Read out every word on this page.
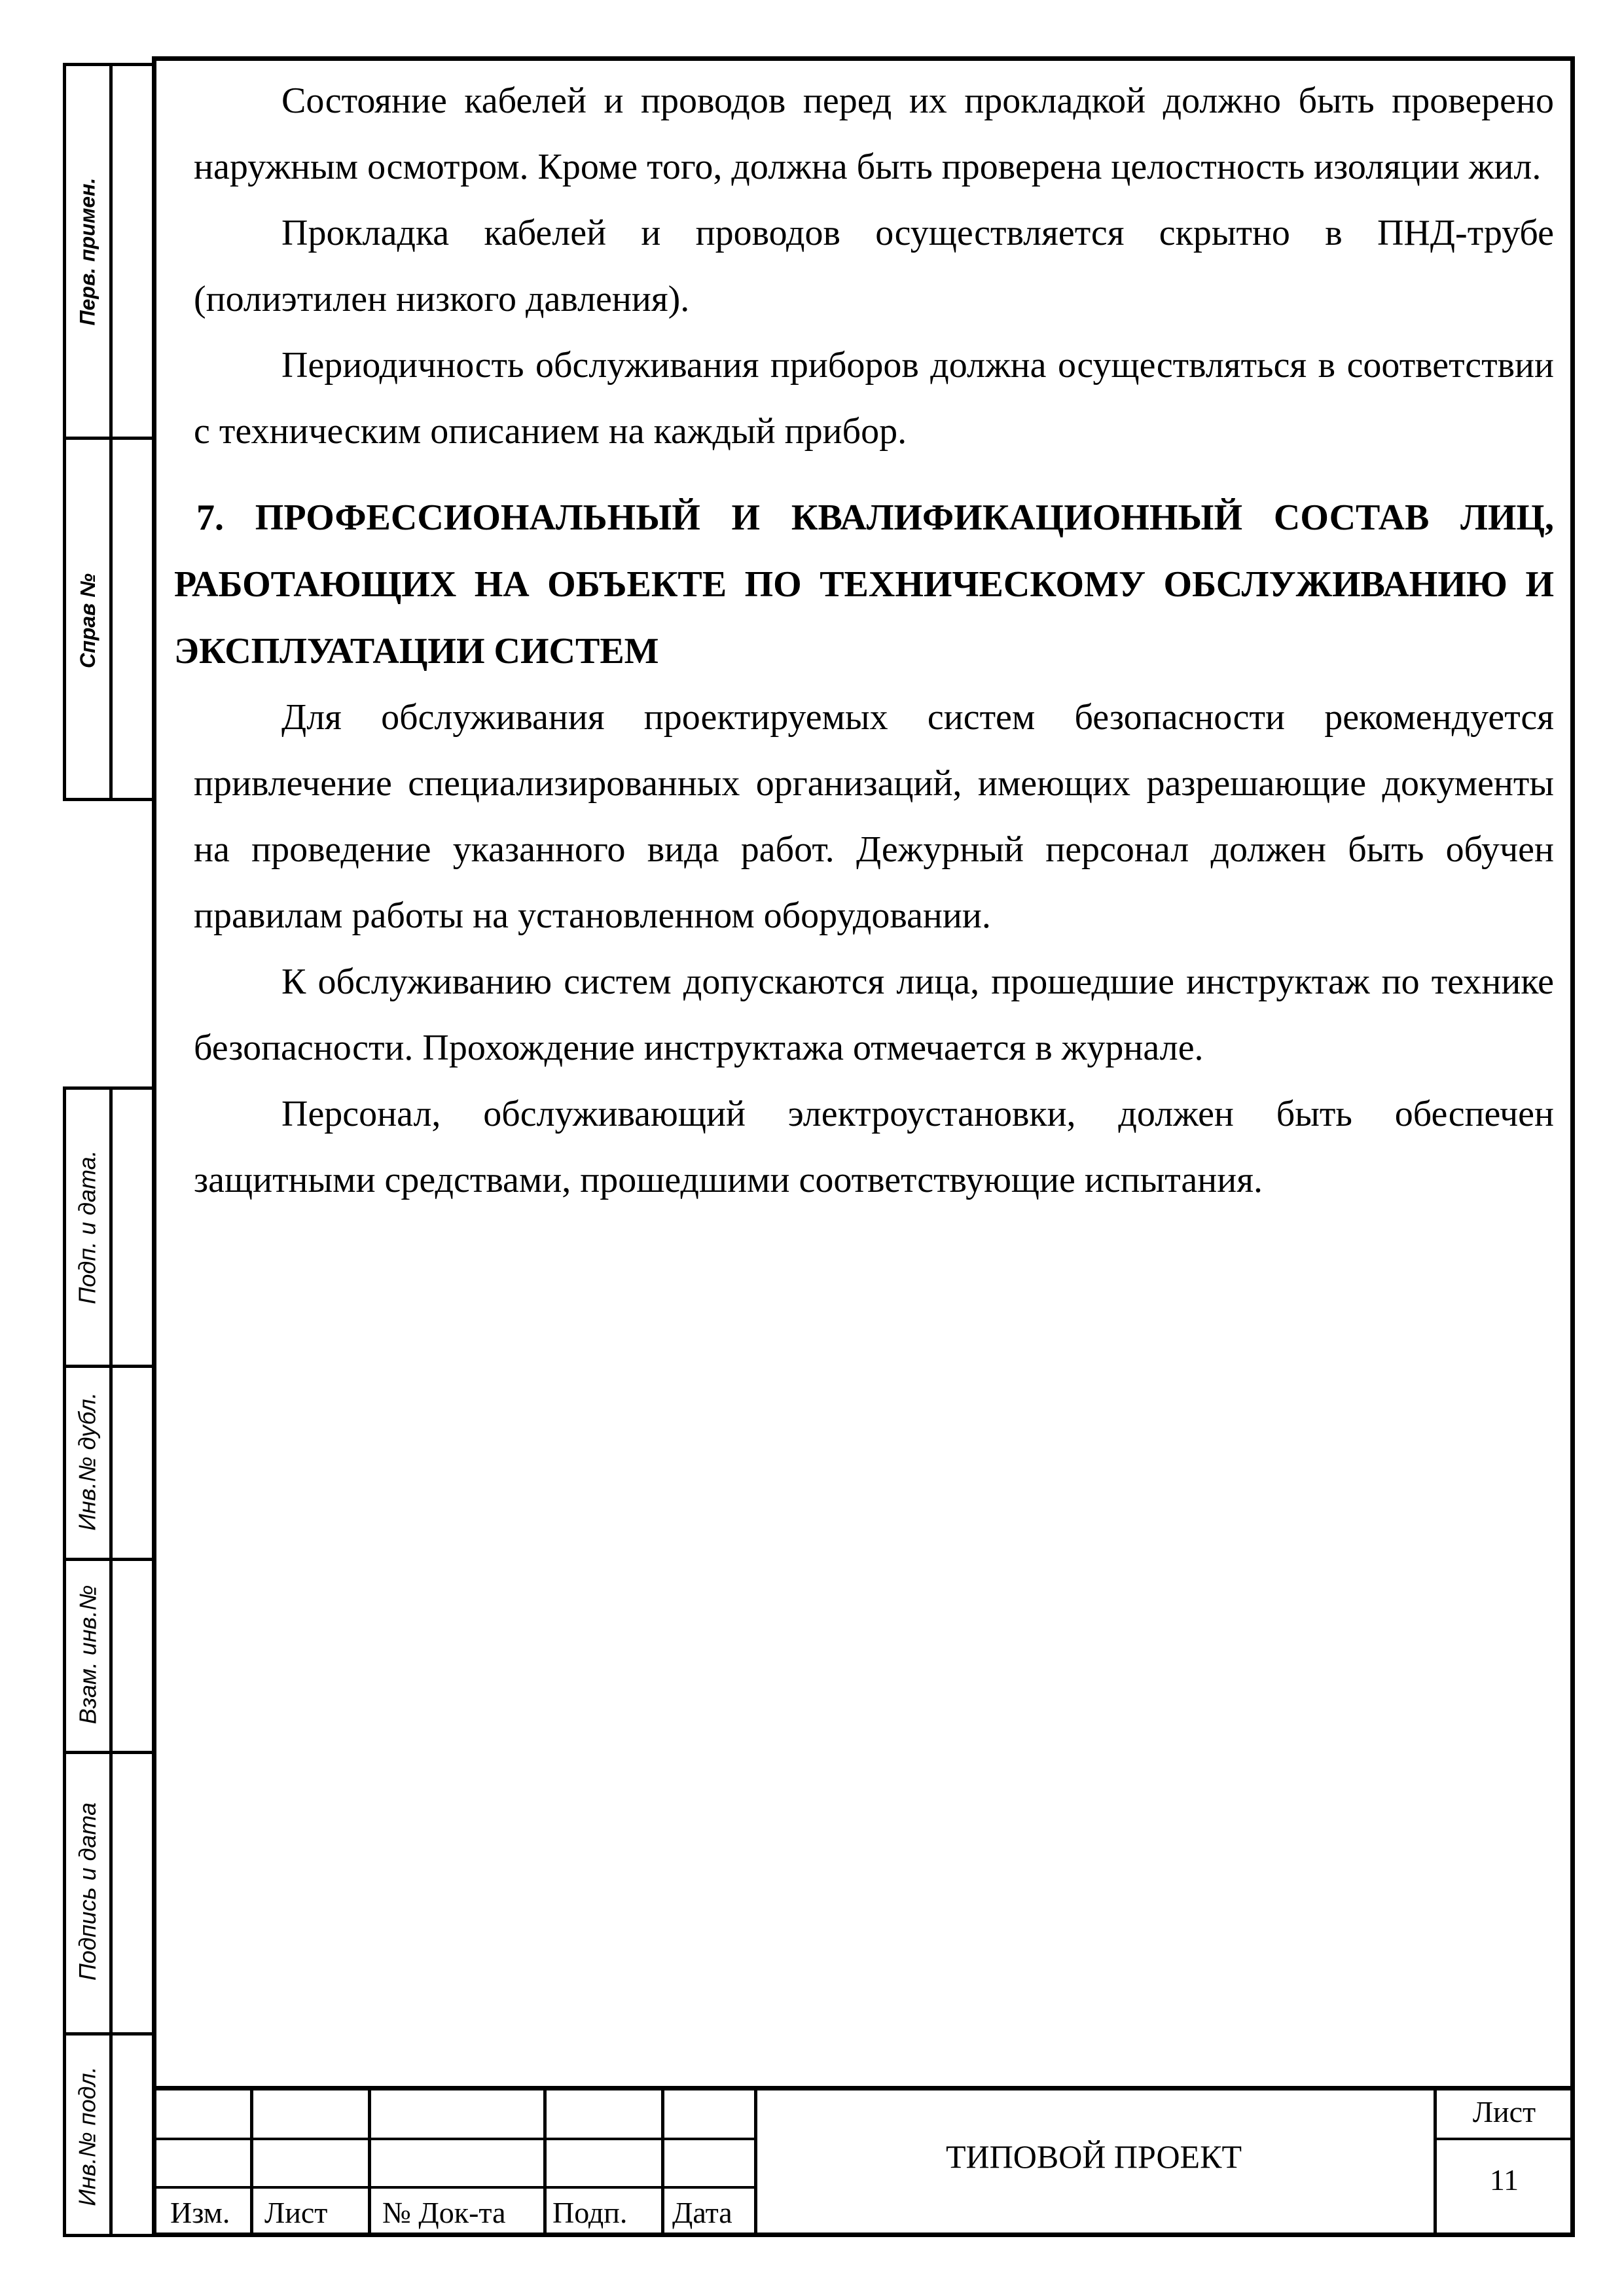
Перв. примен.
Справ №
Подп. и дата.
Инв.№ дубл.
Взам. инв.№
Подпись и дата
Инв.№ подл.

Состояние кабелей и проводов перед их прокладкой должно быть проверено наружным осмотром. Кроме того, должна быть проверена целостность изоляции жил.

Прокладка кабелей и проводов осуществляется скрытно в ПНД-трубе (полиэтилен низкого давления).

Периодичность обслуживания приборов должна осуществляться в соответствии с техническим описанием на каждый прибор.

7. ПРОФЕССИОНАЛЬНЫЙ И КВАЛИФИКАЦИОННЫЙ СОСТАВ ЛИЦ, РАБОТАЮЩИХ НА ОБЪЕКТЕ ПО ТЕХНИЧЕСКОМУ ОБСЛУЖИВАНИЮ И ЭКСПЛУАТАЦИИ СИСТЕМ

Для обслуживания проектируемых систем безопасности рекомендуется привлечение специализированных организаций, имеющих разрешающие документы на проведение указанного вида работ. Дежурный персонал должен быть обучен правилам работы на установленном оборудовании.

К обслуживанию систем допускаются лица, прошедшие инструктаж по технике безопасности. Прохождение инструктажа отмечается в журнале.

Персонал, обслуживающий электроустановки, должен быть обеспечен защитными средствами, прошедшими соответствующие испытания.

Изм. Лист № Док-та Подп. Дата
ТИПОВОЙ ПРОЕКТ
Лист
11
